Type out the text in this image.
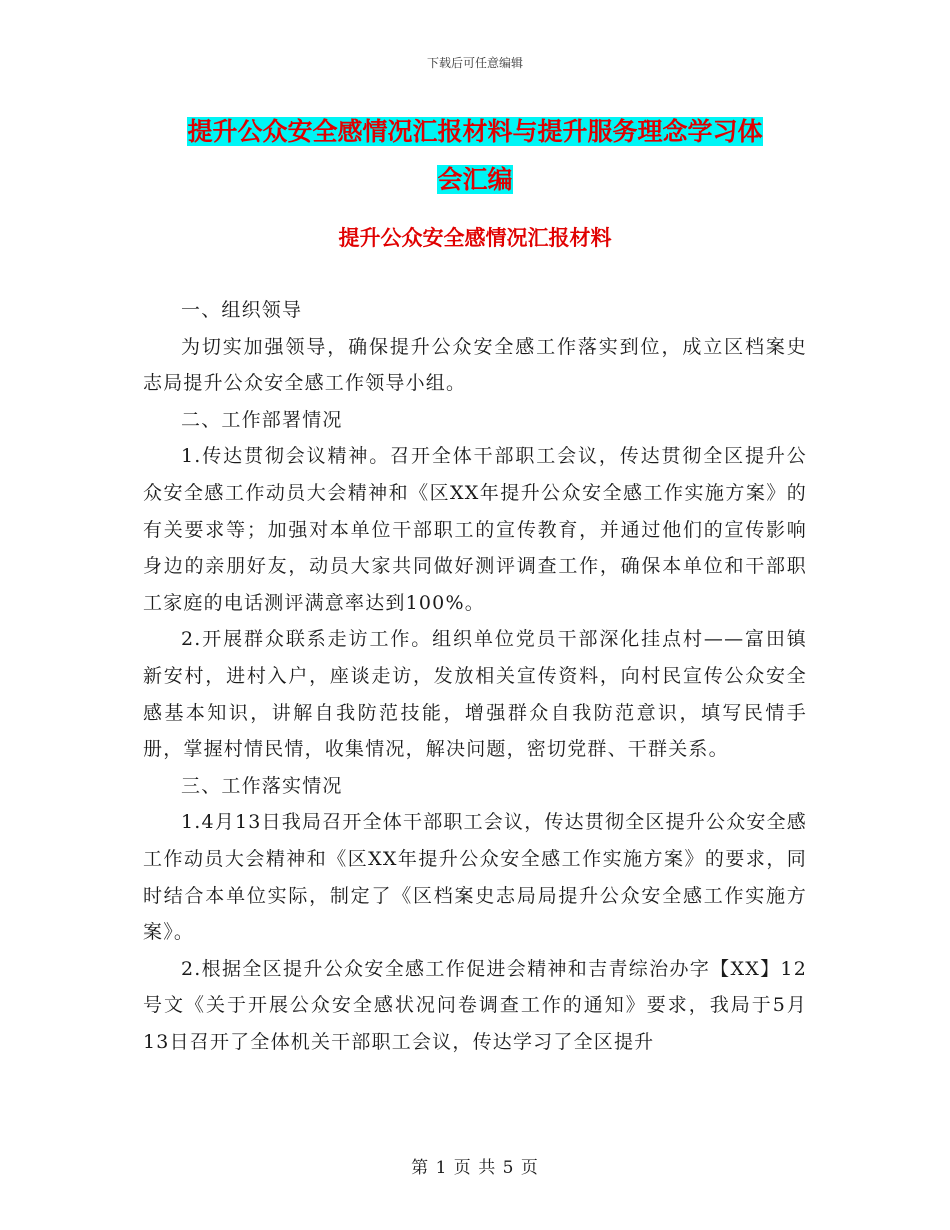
下载后可任意编辑
提升公众安全感情况汇报材料与提升服务理念学习体
会汇编
提升公众安全感情况汇报材料

一、组织领导

为切实加强领导，确保提升公众安全感工作落实到位，成立区档案史志局提升公众安全感工作领导小组。

二、工作部署情况

1.传达贯彻会议精神。召开全体干部职工会议，传达贯彻全区提升公众安全感工作动员大会精神和《区XX年提升公众安全感工作实施方案》的有关要求等；加强对本单位干部职工的宣传教育，并通过他们的宣传影响身边的亲朋好友，动员大家共同做好测评调查工作，确保本单位和干部职工家庭的电话测评满意率达到100%。

2.开展群众联系走访工作。组织单位党员干部深化挂点村——富田镇新安村，进村入户，座谈走访，发放相关宣传资料，向村民宣传公众安全感基本知识，讲解自我防范技能，增强群众自我防范意识，填写民情手册，掌握村情民情，收集情况，解决问题，密切党群、干群关系。

三、工作落实情况

1.4月13日我局召开全体干部职工会议，传达贯彻全区提升公众安全感工作动员大会精神和《区XX年提升公众安全感工作实施方案》的要求，同时结合本单位实际，制定了《区档案史志局局提升公众安全感工作实施方案》。

2.根据全区提升公众安全感工作促进会精神和吉青综治办字【XX】12号文《关于开展公众安全感状况问卷调查工作的通知》要求，我局于5月13日召开了全体机关干部职工会议，传达学习了全区提升

第 1 页 共 5 页
